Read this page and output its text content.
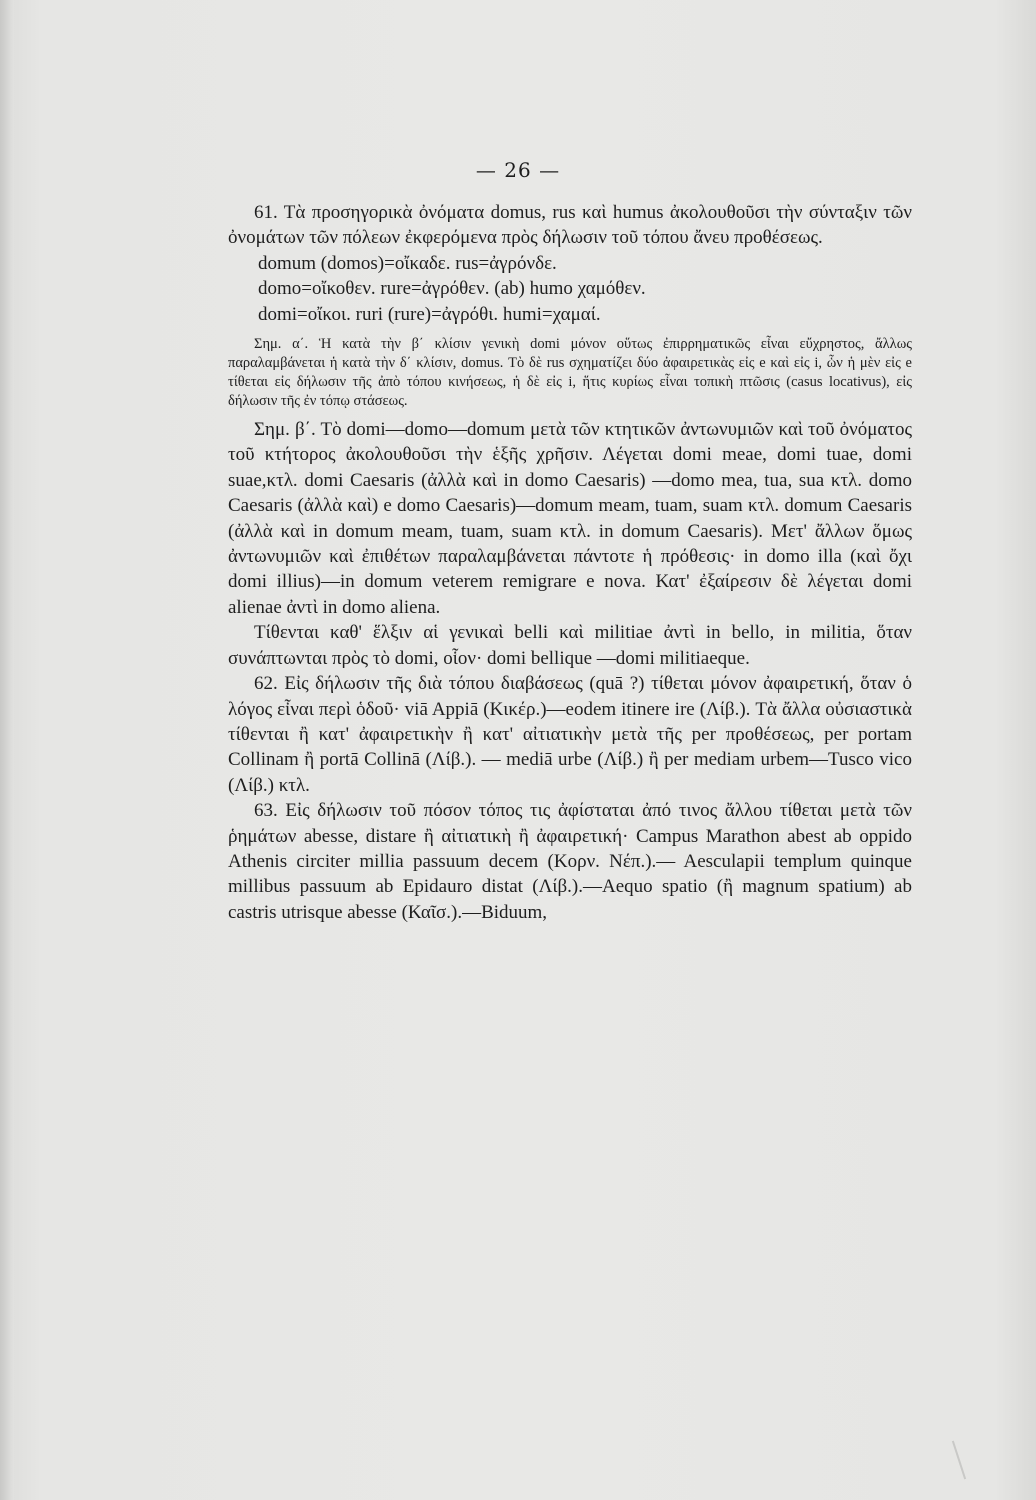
— 26 —

61. Τὰ προσηγορικὰ ὀνόματα domus, rus καὶ humus ἀκολουθοῦσι τὴν σύνταξιν τῶν ὀνομάτων τῶν πόλεων ἐκφερόμενα πρὸς δήλωσιν τοῦ τόπου ἄνευ προθέσεως.

domum (domos)=οἴκαδε. rus=ἀγρόνδε.
domo=οἴκοθεν. rure=ἀγρόθεν. (ab) humo χαμόθεν.
domi=οἴκοι. ruri (rure)=ἀγρόθι. humi=χαμαί.

Σημ. α΄. Ἡ κατὰ τὴν β΄ κλίσιν γενικὴ domi μόνον οὕτως ἐπιρρηματικῶς εἶναι εὔχρηστος, ἄλλως παραλαμβάνεται ἡ κατὰ τὴν δ΄ κλίσιν, domus. Τὸ δὲ rus σχηματίζει δύο ἀφαιρετικὰς εἰς e καὶ εἰς i, ὧν ἡ μὲν εἰς e τίθεται εἰς δήλωσιν τῆς ἀπὸ τόπου κινήσεως, ἡ δὲ εἰς i, ἥτις κυρίως εἶναι τοπικὴ πτῶσις (casus locativus), εἰς δήλωσιν τῆς ἐν τόπῳ στάσεως.

Σημ. β΄. Τὸ domi—domo—domum μετὰ τῶν κτητικῶν ἀντωνυμιῶν καὶ τοῦ ὀνόματος τοῦ κτήτορος ἀκολουθοῦσι τὴν ἑξῆς χρῆσιν. Λέγεται domi meae, domi tuae, domi suae,κτλ. domi Caesaris (ἀλλὰ καὶ in domo Caesaris) —domo mea, tua, sua κτλ. domo Caesaris (ἀλλὰ καὶ) e domo Caesaris)—domum meam, tuam, suam κτλ. domum Caesaris (ἀλλὰ καὶ in domum meam, tuam, suam κτλ. in domum Caesaris). Μετ' ἄλλων ὅμως ἀντωνυμιῶν καὶ ἐπιθέτων παραλαμβάνεται πάντοτε ἡ πρόθεσις· in domo illa (καὶ ὄχι domi illius)—in domum veterem remigrare e nova. Κατ' ἐξαίρεσιν δὲ λέγεται domi alienae ἀντὶ in domo aliena.

Τίθενται καθ' ἕλξιν αἱ γενικαὶ belli καὶ militiae ἀντὶ in bello, in militia, ὅταν συνάπτωνται πρὸς τὸ domi, οἷον· domi bellique —domi militiaeque.

62. Εἰς δήλωσιν τῆς διὰ τόπου διαβάσεως (quā ?) τίθεται μόνον ἀφαιρετική, ὅταν ὁ λόγος εἶναι περὶ ὁδοῦ· viā Appiā (Κικέρ.)—eodem itinere ire (Λίβ.). Τὰ ἄλλα οὐσιαστικὰ τίθενται ἢ κατ' ἀφαιρετικὴν ἢ κατ' αἰτιατικὴν μετὰ τῆς per προθέσεως, per portam Collinam ἢ portā Collinā (Λίβ.). — mediā urbe (Λίβ.) ἢ per mediam urbem—Tusco vico (Λίβ.) κτλ.

63. Εἰς δήλωσιν τοῦ πόσον τόπος τις ἀφίσταται ἀπό τινος ἄλλου τίθεται μετὰ τῶν ῥημάτων abesse, distare ἢ αἰτιατικὴ ἢ ἀφαιρετική· Campus Marathon abest ab oppido Athenis circiter millia passuum decem (Κορν. Νέπ.).— Aesculapii templum quinque millibus passuum ab Epidauro distat (Λίβ.).—Aequo spatio (ἢ magnum spatium) ab castris utrisque abesse (Καῖσ.).—Biduum,
